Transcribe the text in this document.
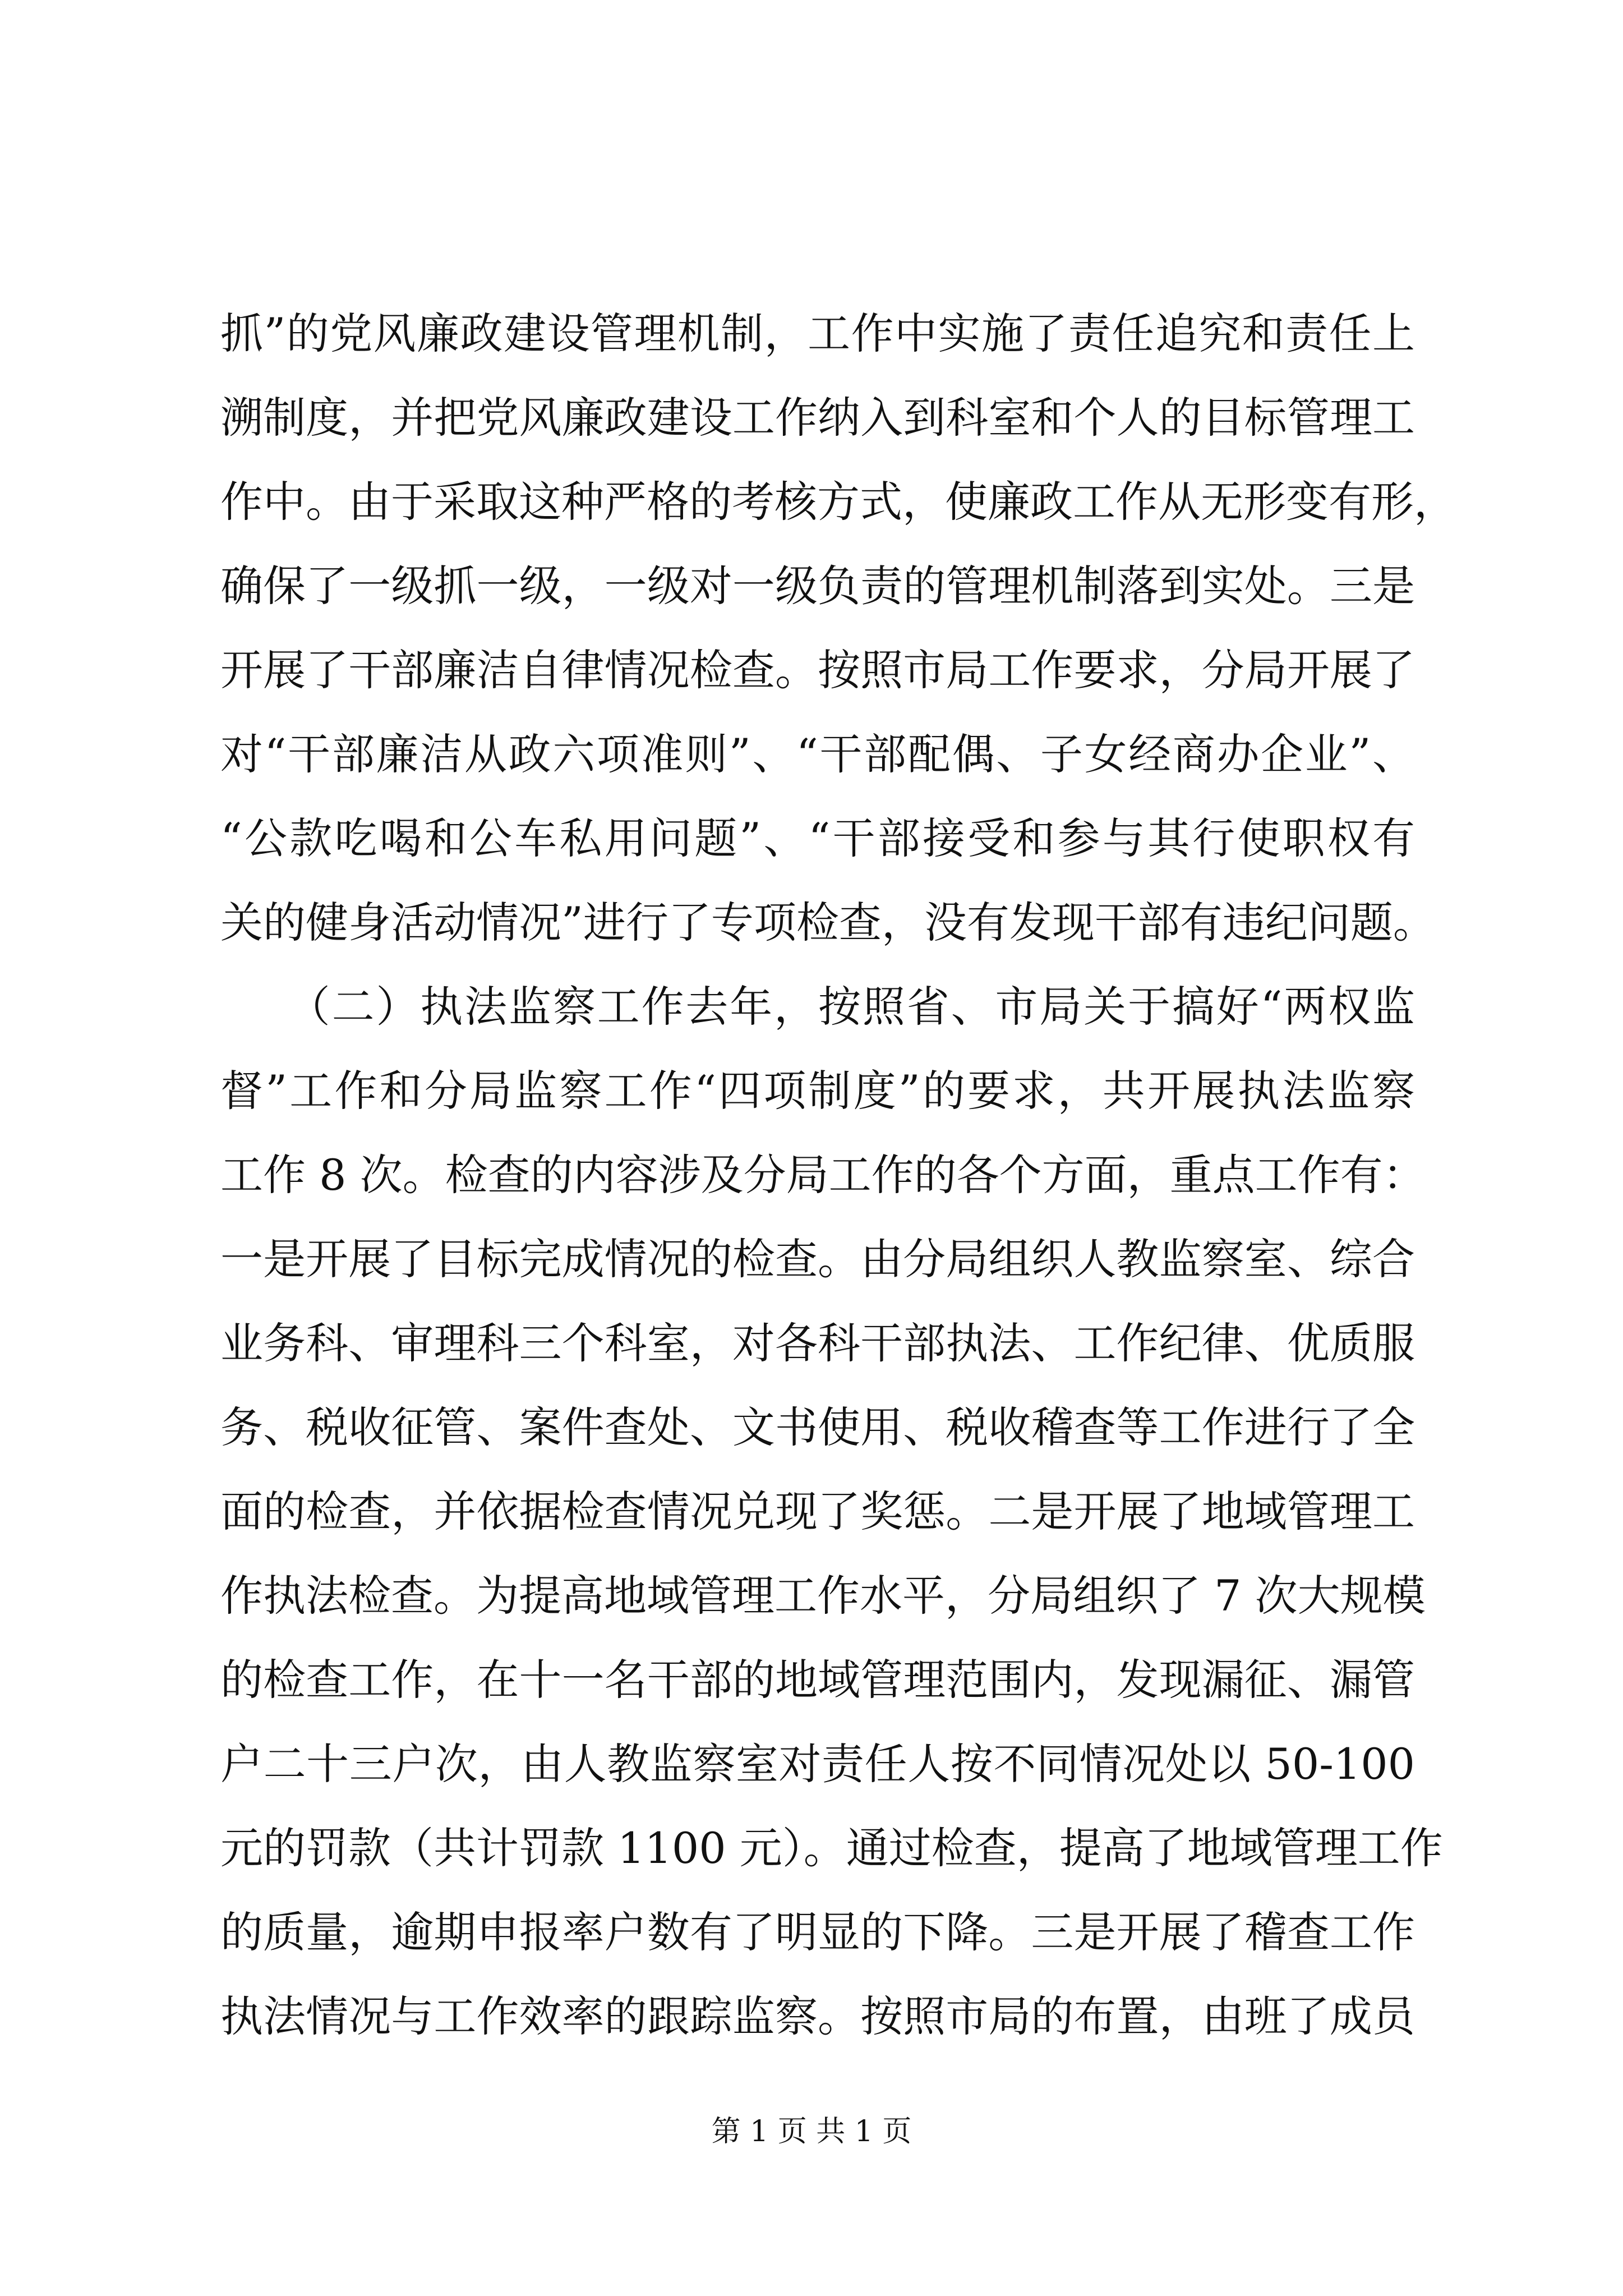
抓”的党风廉政建设管理机制，工作中实施了责任追究和责任上
溯制度，并把党风廉政建设工作纳入到科室和个人的目标管理工
作中。由于采取这种严格的考核方式，使廉政工作从无形变有形，
确保了一级抓一级，一级对一级负责的管理机制落到实处。三是
开展了干部廉洁自律情况检查。按照市局工作要求，分局开展了
对“干部廉洁从政六项准则”、“干部配偶、子女经商办企业”、
“公款吃喝和公车私用问题”、“干部接受和参与其行使职权有
关的健身活动情况”进行了专项检查，没有发现干部有违纪问题。
　　（二）执法监察工作去年，按照省、市局关于搞好“两权监
督”工作和分局监察工作“四项制度”的要求，共开展执法监察
工作 8 次。检查的内容涉及分局工作的各个方面，重点工作有：
一是开展了目标完成情况的检查。由分局组织人教监察室、综合
业务科、审理科三个科室，对各科干部执法、工作纪律、优质服
务、税收征管、案件查处、文书使用、税收稽查等工作进行了全
面的检查，并依据检查情况兑现了奖惩。二是开展了地域管理工
作执法检查。为提高地域管理工作水平，分局组织了 7 次大规模
的检查工作，在十一名干部的地域管理范围内，发现漏征、漏管
户二十三户次，由人教监察室对责任人按不同情况处以 50-100
元的罚款（共计罚款 1100 元）。通过检查，提高了地域管理工作
的质量，逾期申报率户数有了明显的下降。三是开展了稽查工作
执法情况与工作效率的跟踪监察。按照市局的布置，由班了成员
第 1 页 共 1 页
